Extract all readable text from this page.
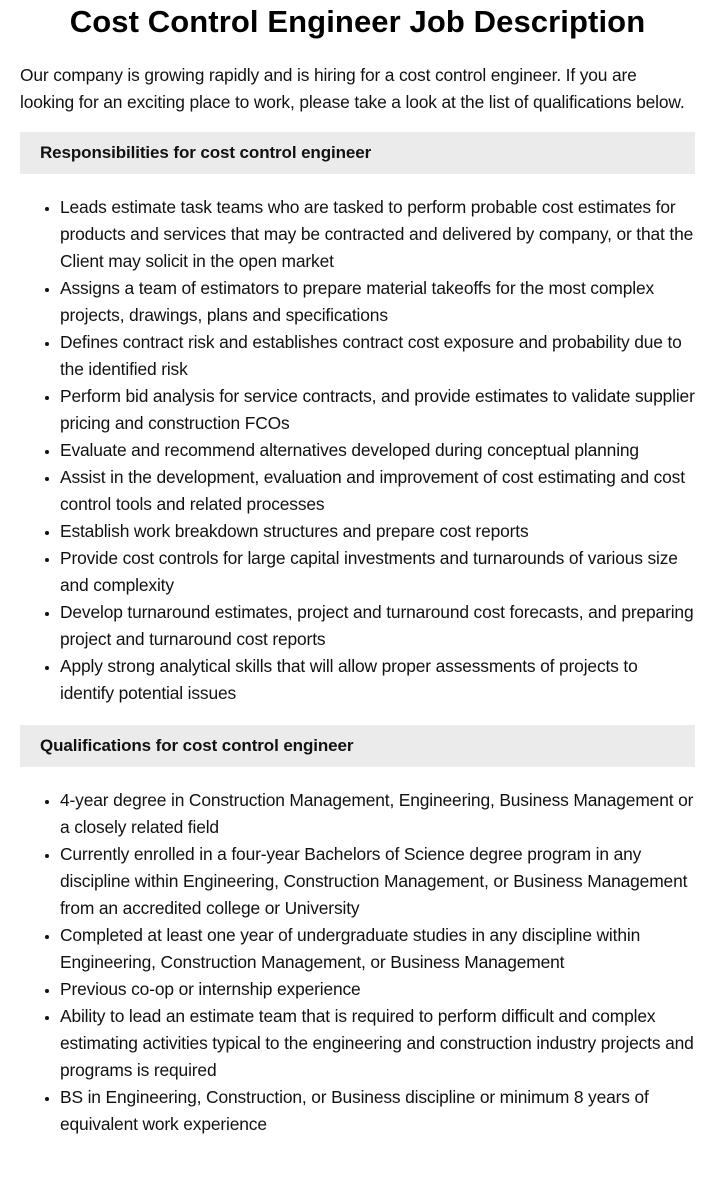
Cost Control Engineer Job Description

Our company is growing rapidly and is hiring for a cost control engineer. If you are looking for an exciting place to work, please take a look at the list of qualifications below.

Responsibilities for cost control engineer
• Leads estimate task teams who are tasked to perform probable cost estimates for products and services that may be contracted and delivered by company, or that the Client may solicit in the open market
• Assigns a team of estimators to prepare material takeoffs for the most complex projects, drawings, plans and specifications
• Defines contract risk and establishes contract cost exposure and probability due to the identified risk
• Perform bid analysis for service contracts, and provide estimates to validate supplier pricing and construction FCOs
• Evaluate and recommend alternatives developed during conceptual planning
• Assist in the development, evaluation and improvement of cost estimating and cost control tools and related processes
• Establish work breakdown structures and prepare cost reports
• Provide cost controls for large capital investments and turnarounds of various size and complexity
• Develop turnaround estimates, project and turnaround cost forecasts, and preparing project and turnaround cost reports
• Apply strong analytical skills that will allow proper assessments of projects to identify potential issues
Qualifications for cost control engineer
• 4-year degree in Construction Management, Engineering, Business Management or a closely related field
• Currently enrolled in a four-year Bachelors of Science degree program in any discipline within Engineering, Construction Management, or Business Management from an accredited college or University
• Completed at least one year of undergraduate studies in any discipline within Engineering, Construction Management, or Business Management
• Previous co-op or internship experience
• Ability to lead an estimate team that is required to perform difficult and complex estimating activities typical to the engineering and construction industry projects and programs is required
• BS in Engineering, Construction, or Business discipline or minimum 8 years of equivalent work experience
